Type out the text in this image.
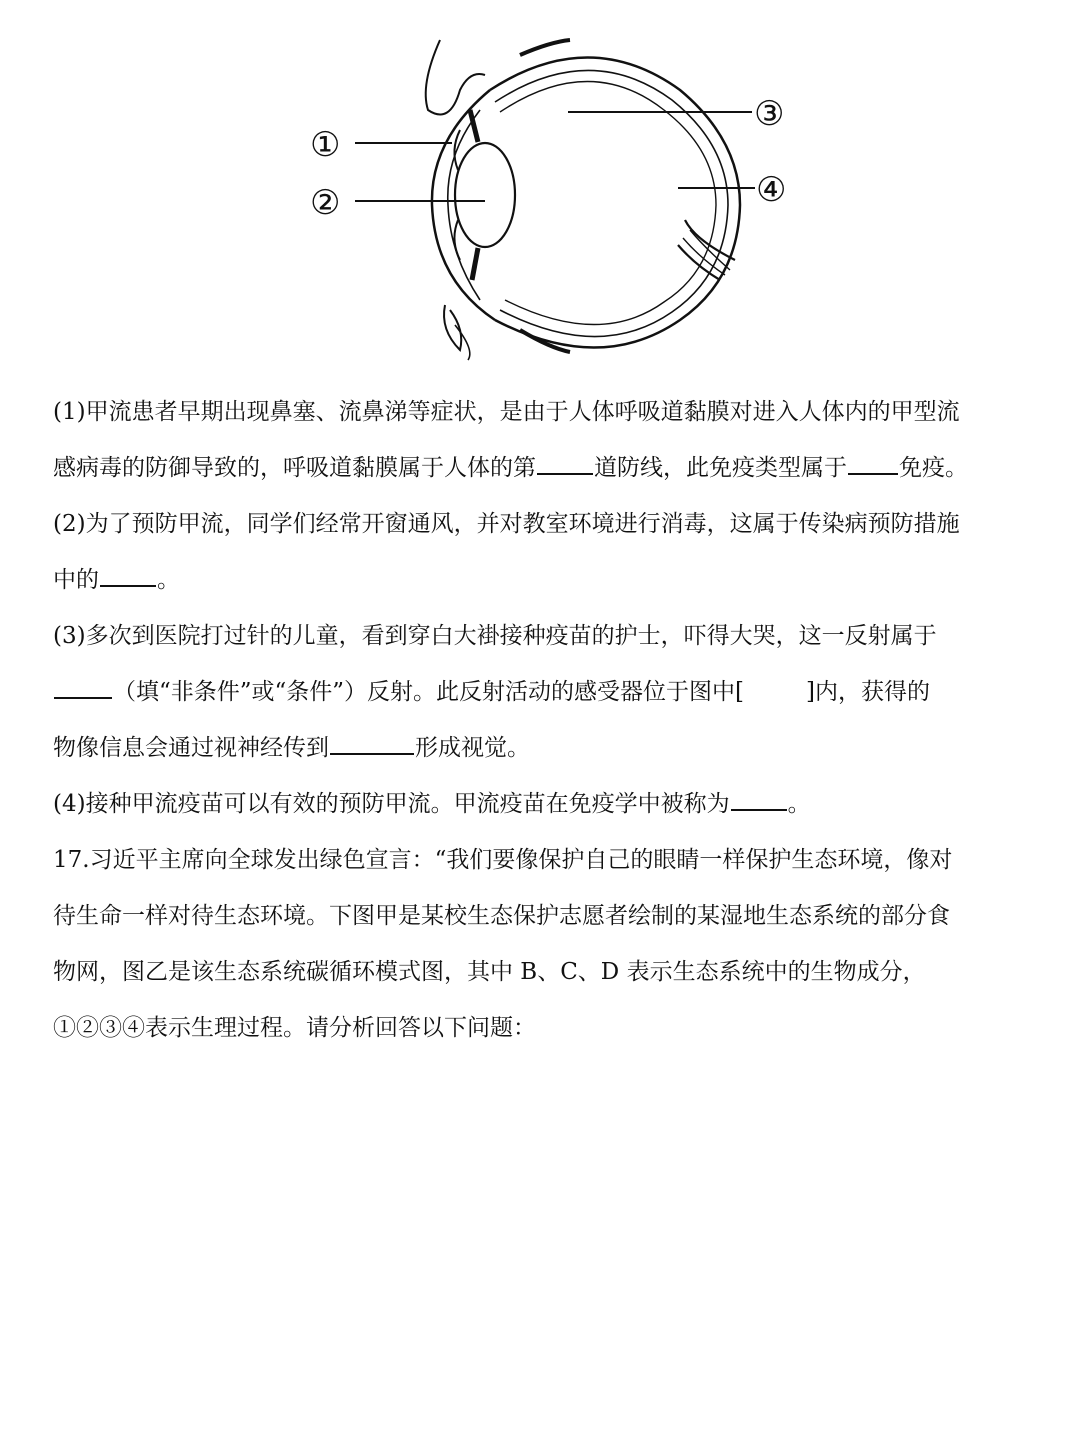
①
②
③
④
(1)甲流患者早期出现鼻塞、流鼻涕等症状，是由于人体呼吸道黏膜对进入人体内的甲型流
感病毒的防御导致的，呼吸道黏膜属于人体的第	道防线，此免疫类型属于 免疫。
(2)为了预防甲流，同学们经常开窗通风，并对教室环境进行消毒，这属于传染病预防措施
中的	。
(3)多次到医院打过针的儿童，看到穿白大褂接种疫苗的护士，吓得大哭，这一反射属于
（填“非条件”或“条件”）反射。此反射活动的感受器位于图中[	]内，获得的
物像信息会通过视神经传到	形成视觉。
(4)接种甲流疫苗可以有效的预防甲流。甲流疫苗在免疫学中被称为	。
17.习近平主席向全球发出绿色宣言：“我们要像保护自己的眼睛一样保护生态环境，像对
待生命一样对待生态环境。下图甲是某校生态保护志愿者绘制的某湿地生态系统的部分食
物网，图乙是该生态系统碳循环模式图，其中 B、C、D 表示生态系统中的生物成分，
①②③④表示生理过程。请分析回答以下问题：
